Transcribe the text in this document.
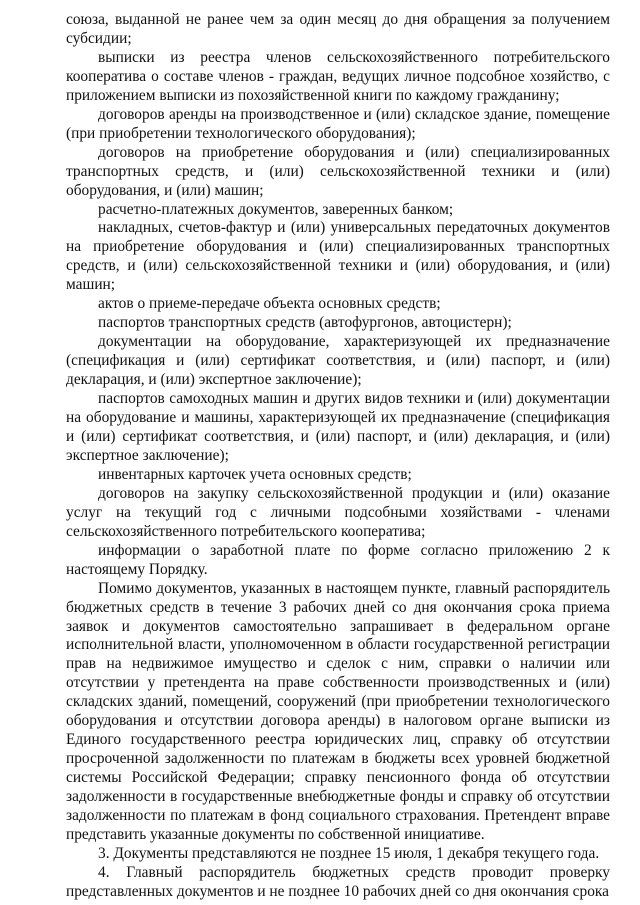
союза, выданной не ранее чем за один месяц до дня обращения за получением субсидии;

выписки из реестра членов сельскохозяйственного потребительского кооператива о составе членов - граждан, ведущих личное подсобное хозяйство, с приложением выписки из похозяйственной книги по каждому гражданину;

договоров аренды на производственное и (или) складское здание, помещение (при приобретении технологического оборудования);

договоров на приобретение оборудования и (или) специализированных транспортных средств, и (или) сельскохозяйственной техники и (или) оборудования, и (или) машин;

расчетно-платежных документов, заверенных банком;

накладных, счетов-фактур и (или) универсальных передаточных документов на приобретение оборудования и (или) специализированных транспортных средств, и (или) сельскохозяйственной техники и (или) оборудования, и (или) машин;

актов о приеме-передаче объекта основных средств;

паспортов транспортных средств (автофургонов, автоцистерн);

документации на оборудование, характеризующей их предназначение (спецификация и (или) сертификат соответствия, и (или) паспорт, и (или) декларация, и (или) экспертное заключение);

паспортов самоходных машин и других видов техники и (или) документации на оборудование и машины, характеризующей их предназначение (спецификация и (или) сертификат соответствия, и (или) паспорт, и (или) декларация, и (или) экспертное заключение);

инвентарных карточек учета основных средств;

договоров на закупку сельскохозяйственной продукции и (или) оказание услуг на текущий год с личными подсобными хозяйствами - членами сельскохозяйственного потребительского кооператива;

информации о заработной плате по форме согласно приложению 2 к настоящему Порядку.

Помимо документов, указанных в настоящем пункте, главный распорядитель бюджетных средств в течение 3 рабочих дней со дня окончания срока приема заявок и документов самостоятельно запрашивает в федеральном органе исполнительной власти, уполномоченном в области государственной регистрации прав на недвижимое имущество и сделок с ним, справки о наличии или отсутствии у претендента на праве собственности производственных и (или) складских зданий, помещений, сооружений (при приобретении технологического оборудования и отсутствии договора аренды) в налоговом органе выписки из Единого государственного реестра юридических лиц, справку об отсутствии просроченной задолженности по платежам в бюджеты всех уровней бюджетной системы Российской Федерации; справку пенсионного фонда об отсутствии задолженности в государственные внебюджетные фонды и справку об отсутствии задолженности по платежам в фонд социального страхования. Претендент вправе представить указанные документы по собственной инициативе.

3. Документы представляются не позднее 15 июля, 1 декабря текущего года.

4. Главный распорядитель бюджетных средств проводит проверку представленных документов и не позднее 10 рабочих дней со дня окончания срока
